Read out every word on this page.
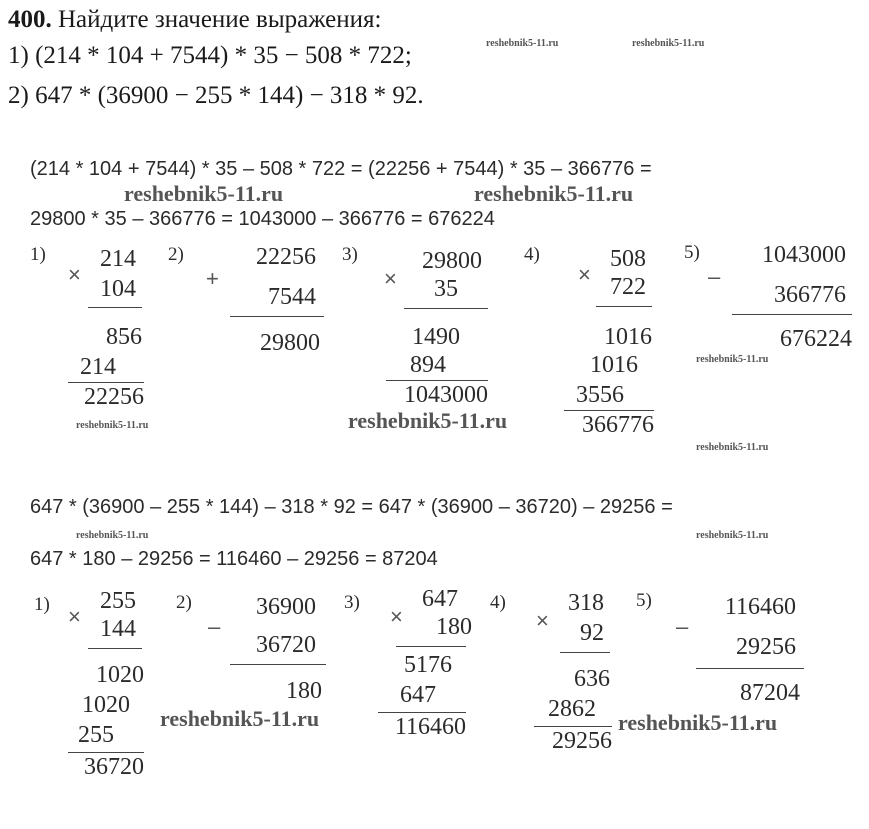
400. Найдите значение выражения:
1) (214 * 104 + 7544) * 35 − 508 * 722;
2) 647 * (36900 − 255 * 144) − 318 * 92.
reshebnik5-11.ru	reshebnik5-11.ru
(214 * 104 + 7544) * 35 – 508 * 722 = (22256 + 7544) * 35 – 366776 =
reshebnik5-11.ru	reshebnik5-11.ru
29800 * 35 – 366776 = 1043000 – 366776 = 676224
1)
×
214
104
856
214
22256
2)
+
22256
7544
29800
3)
×
29800
35
1490
894
1043000
4)
×
508
722
1016
1016
3556
366776
5)
–
1043000
366776
676224
reshebnik5-11.ru
reshebnik5-11.ru	reshebnik5-11.ru
reshebnik5-11.ru
647 * (36900 – 255 * 144) – 318 * 92 = 647 * (36900 – 36720) – 29256 =
reshebnik5-11.ru	reshebnik5-11.ru
647 * 180 – 29256 = 116460 – 29256 = 87204
1) ×
255
144
1020
1020
255
36720
2)
–
36900
36720
180
3)
×
647
180
5176
647
116460
4)
×
318
92
636
2862
29256
5)
–
116460
29256
87204
reshebnik5-11.ru	reshebnik5-11.ru
